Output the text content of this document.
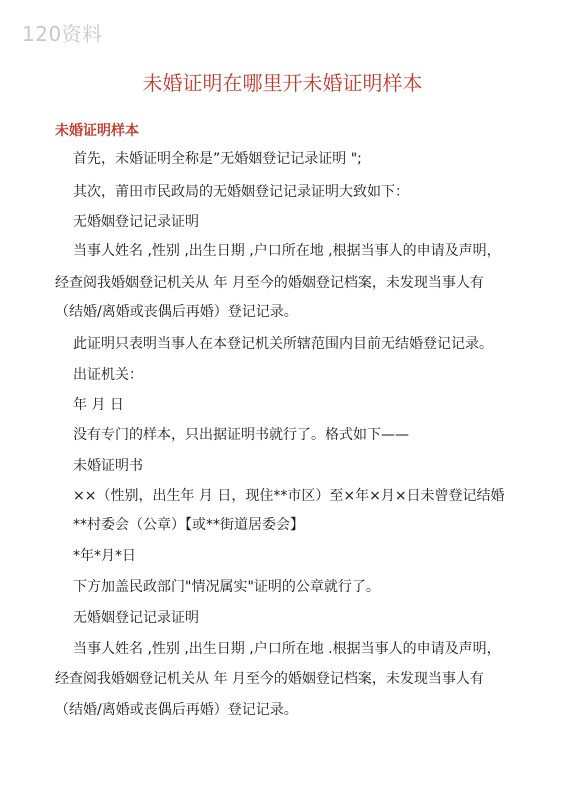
120资料
未婚证明在哪里开未婚证明样本
未婚证明样本
首先，未婚证明全称是”无婚姻登记记录证明 ";
其次，莆田市民政局的无婚姻登记记录证明大致如下：
无婚姻登记记录证明
当事人姓名 ,性别 ,出生日期 ,户口所在地 ,根据当事人的申请及声明，
经查阅我婚姻登记机关从 年 月至今的婚姻登记档案，未发现当事人有
（结婚/离婚或丧偶后再婚）登记记录。
此证明只表明当事人在本登记机关所辖范围内目前无结婚登记记录。
出证机关：
年 月 日
没有专门的样本，只出据证明书就行了。格式如下——
未婚证明书
××（性别，出生年 月 日，现住**市区）至×年×月×日未曾登记结婚
**村委会（公章）【或**街道居委会】
*年*月*日
下方加盖民政部门"情况属实"证明的公章就行了。
无婚姻登记记录证明
当事人姓名 ,性别 ,出生日期 ,户口所在地 .根据当事人的申请及声明，
经查阅我婚姻登记机关从 年 月至今的婚姻登记档案，未发现当事人有
（结婚/离婚或丧偶后再婚）登记记录。
